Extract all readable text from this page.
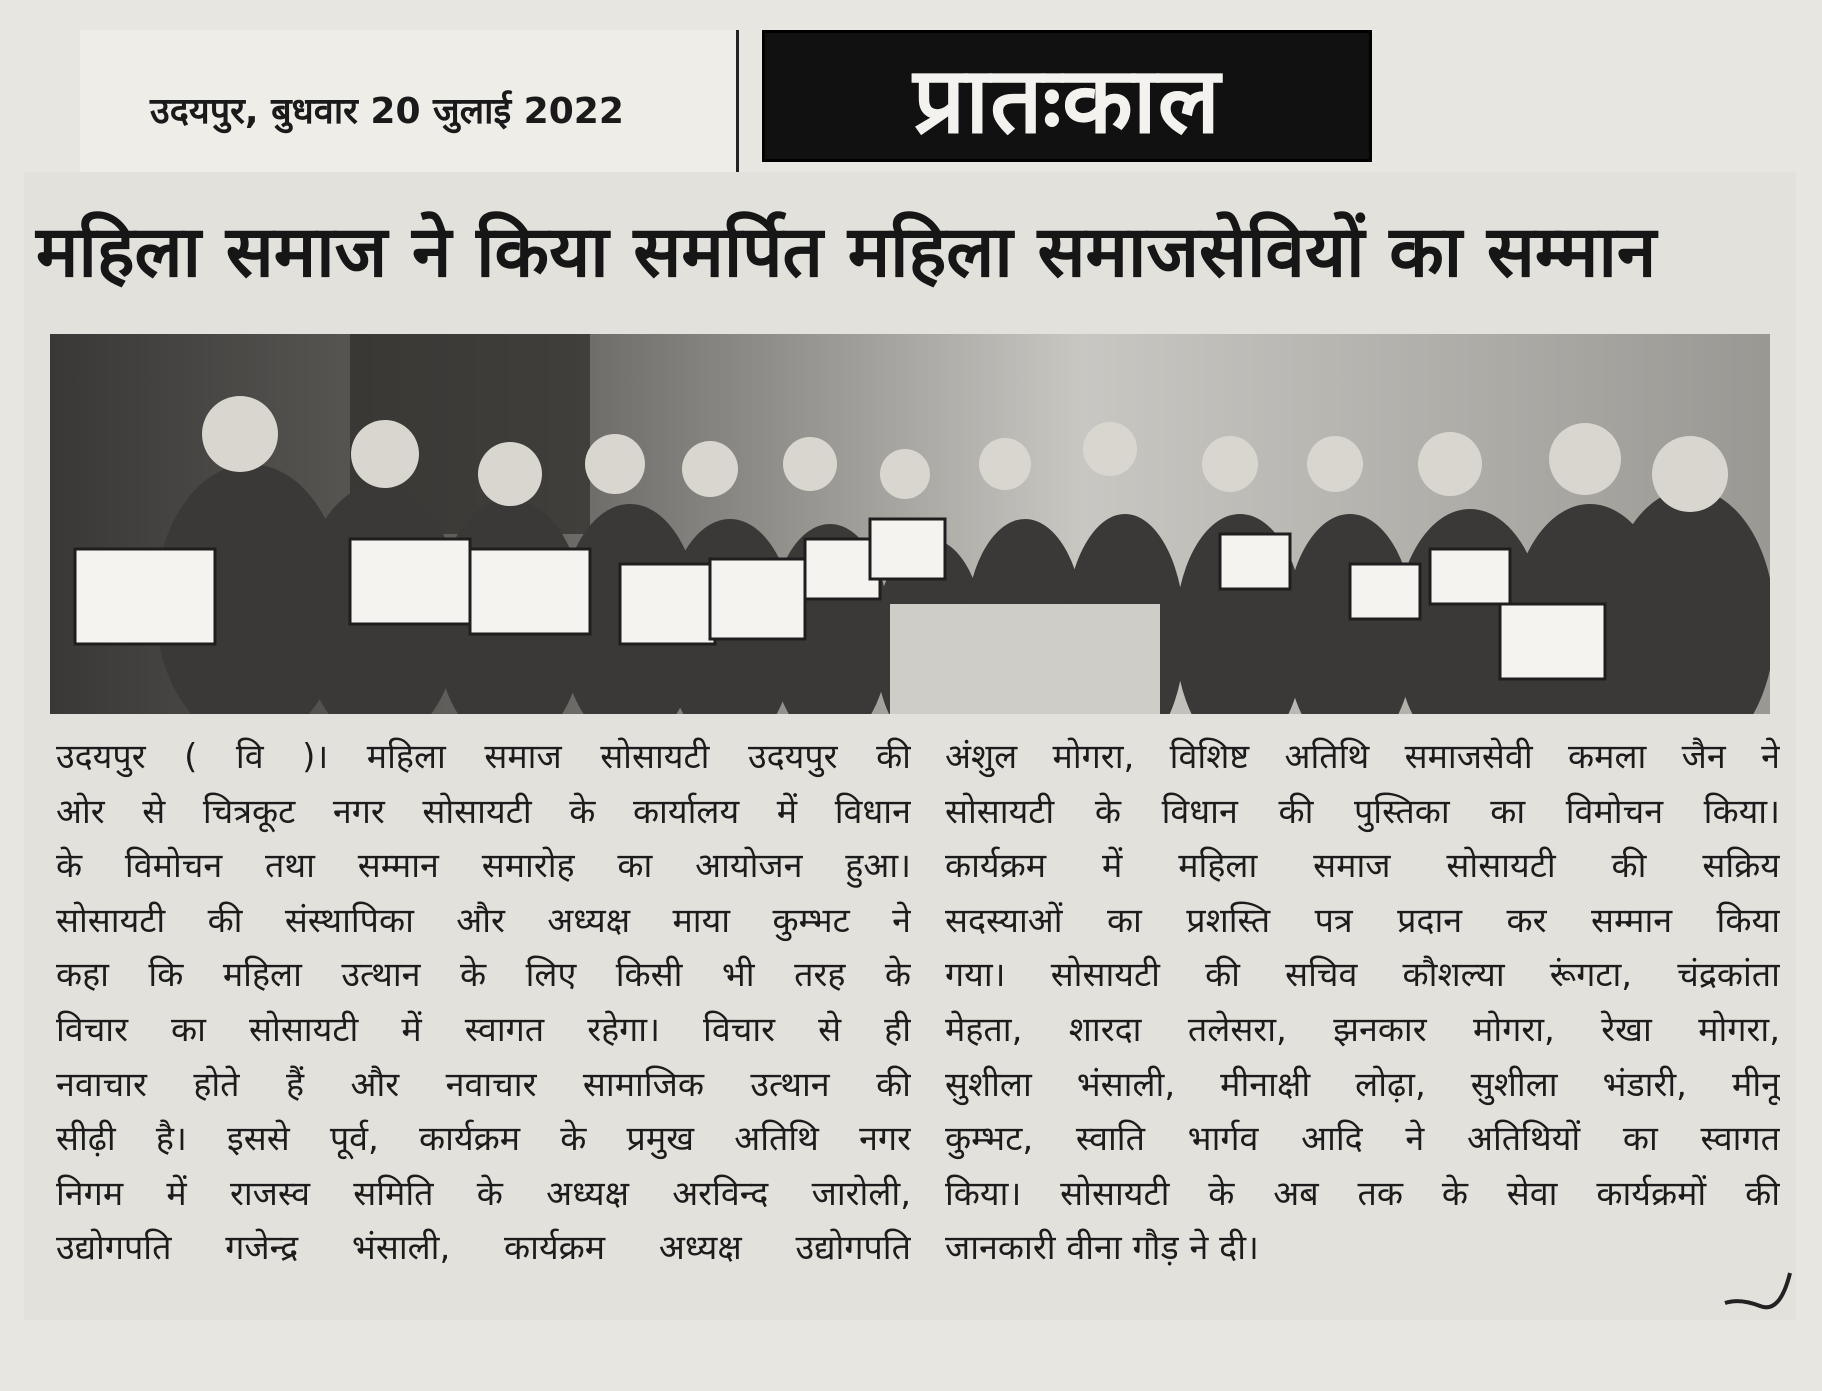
उदयपुर, बुधवार 20 जुलाई 2022	प्रातःकाल
महिला समाज ने किया समर्पित महिला समाजसेवियों का सम्मान
उदयपुर ( वि )। महिला समाज सोसायटी उदयपुर की
ओर से चित्रकूट नगर सोसायटी के कार्यालय में विधान
के विमोचन तथा सम्मान समारोह का आयोजन हुआ।
सोसायटी की संस्थापिका और अध्यक्ष माया कुम्भट ने
कहा कि महिला उत्थान के लिए किसी भी तरह के
विचार का सोसायटी में स्वागत रहेगा। विचार से ही
नवाचार होते हैं और नवाचार सामाजिक उत्थान की
सीढ़ी है। इससे पूर्व, कार्यक्रम के प्रमुख अतिथि नगर
निगम में राजस्व समिति के अध्यक्ष अरविन्द जारोली,
उद्योगपति गजेन्द्र भंसाली, कार्यक्रम अध्यक्ष उद्योगपति
अंशुल मोगरा, विशिष्ट अतिथि समाजसेवी कमला जैन ने
सोसायटी के विधान की पुस्तिका का विमोचन किया।
कार्यक्रम में महिला समाज सोसायटी की सक्रिय
सदस्याओं का प्रशस्ति पत्र प्रदान कर सम्मान किया
गया। सोसायटी की सचिव कौशल्या रूंगटा, चंद्रकांता
मेहता, शारदा तलेसरा, झनकार मोगरा, रेखा मोगरा,
सुशीला भंसाली, मीनाक्षी लोढ़ा, सुशीला भंडारी, मीनू
कुम्भट, स्वाति भार्गव आदि ने अतिथियों का स्वागत
किया। सोसायटी के अब तक के सेवा कार्यक्रमों की
जानकारी वीना गौड़ ने दी।
